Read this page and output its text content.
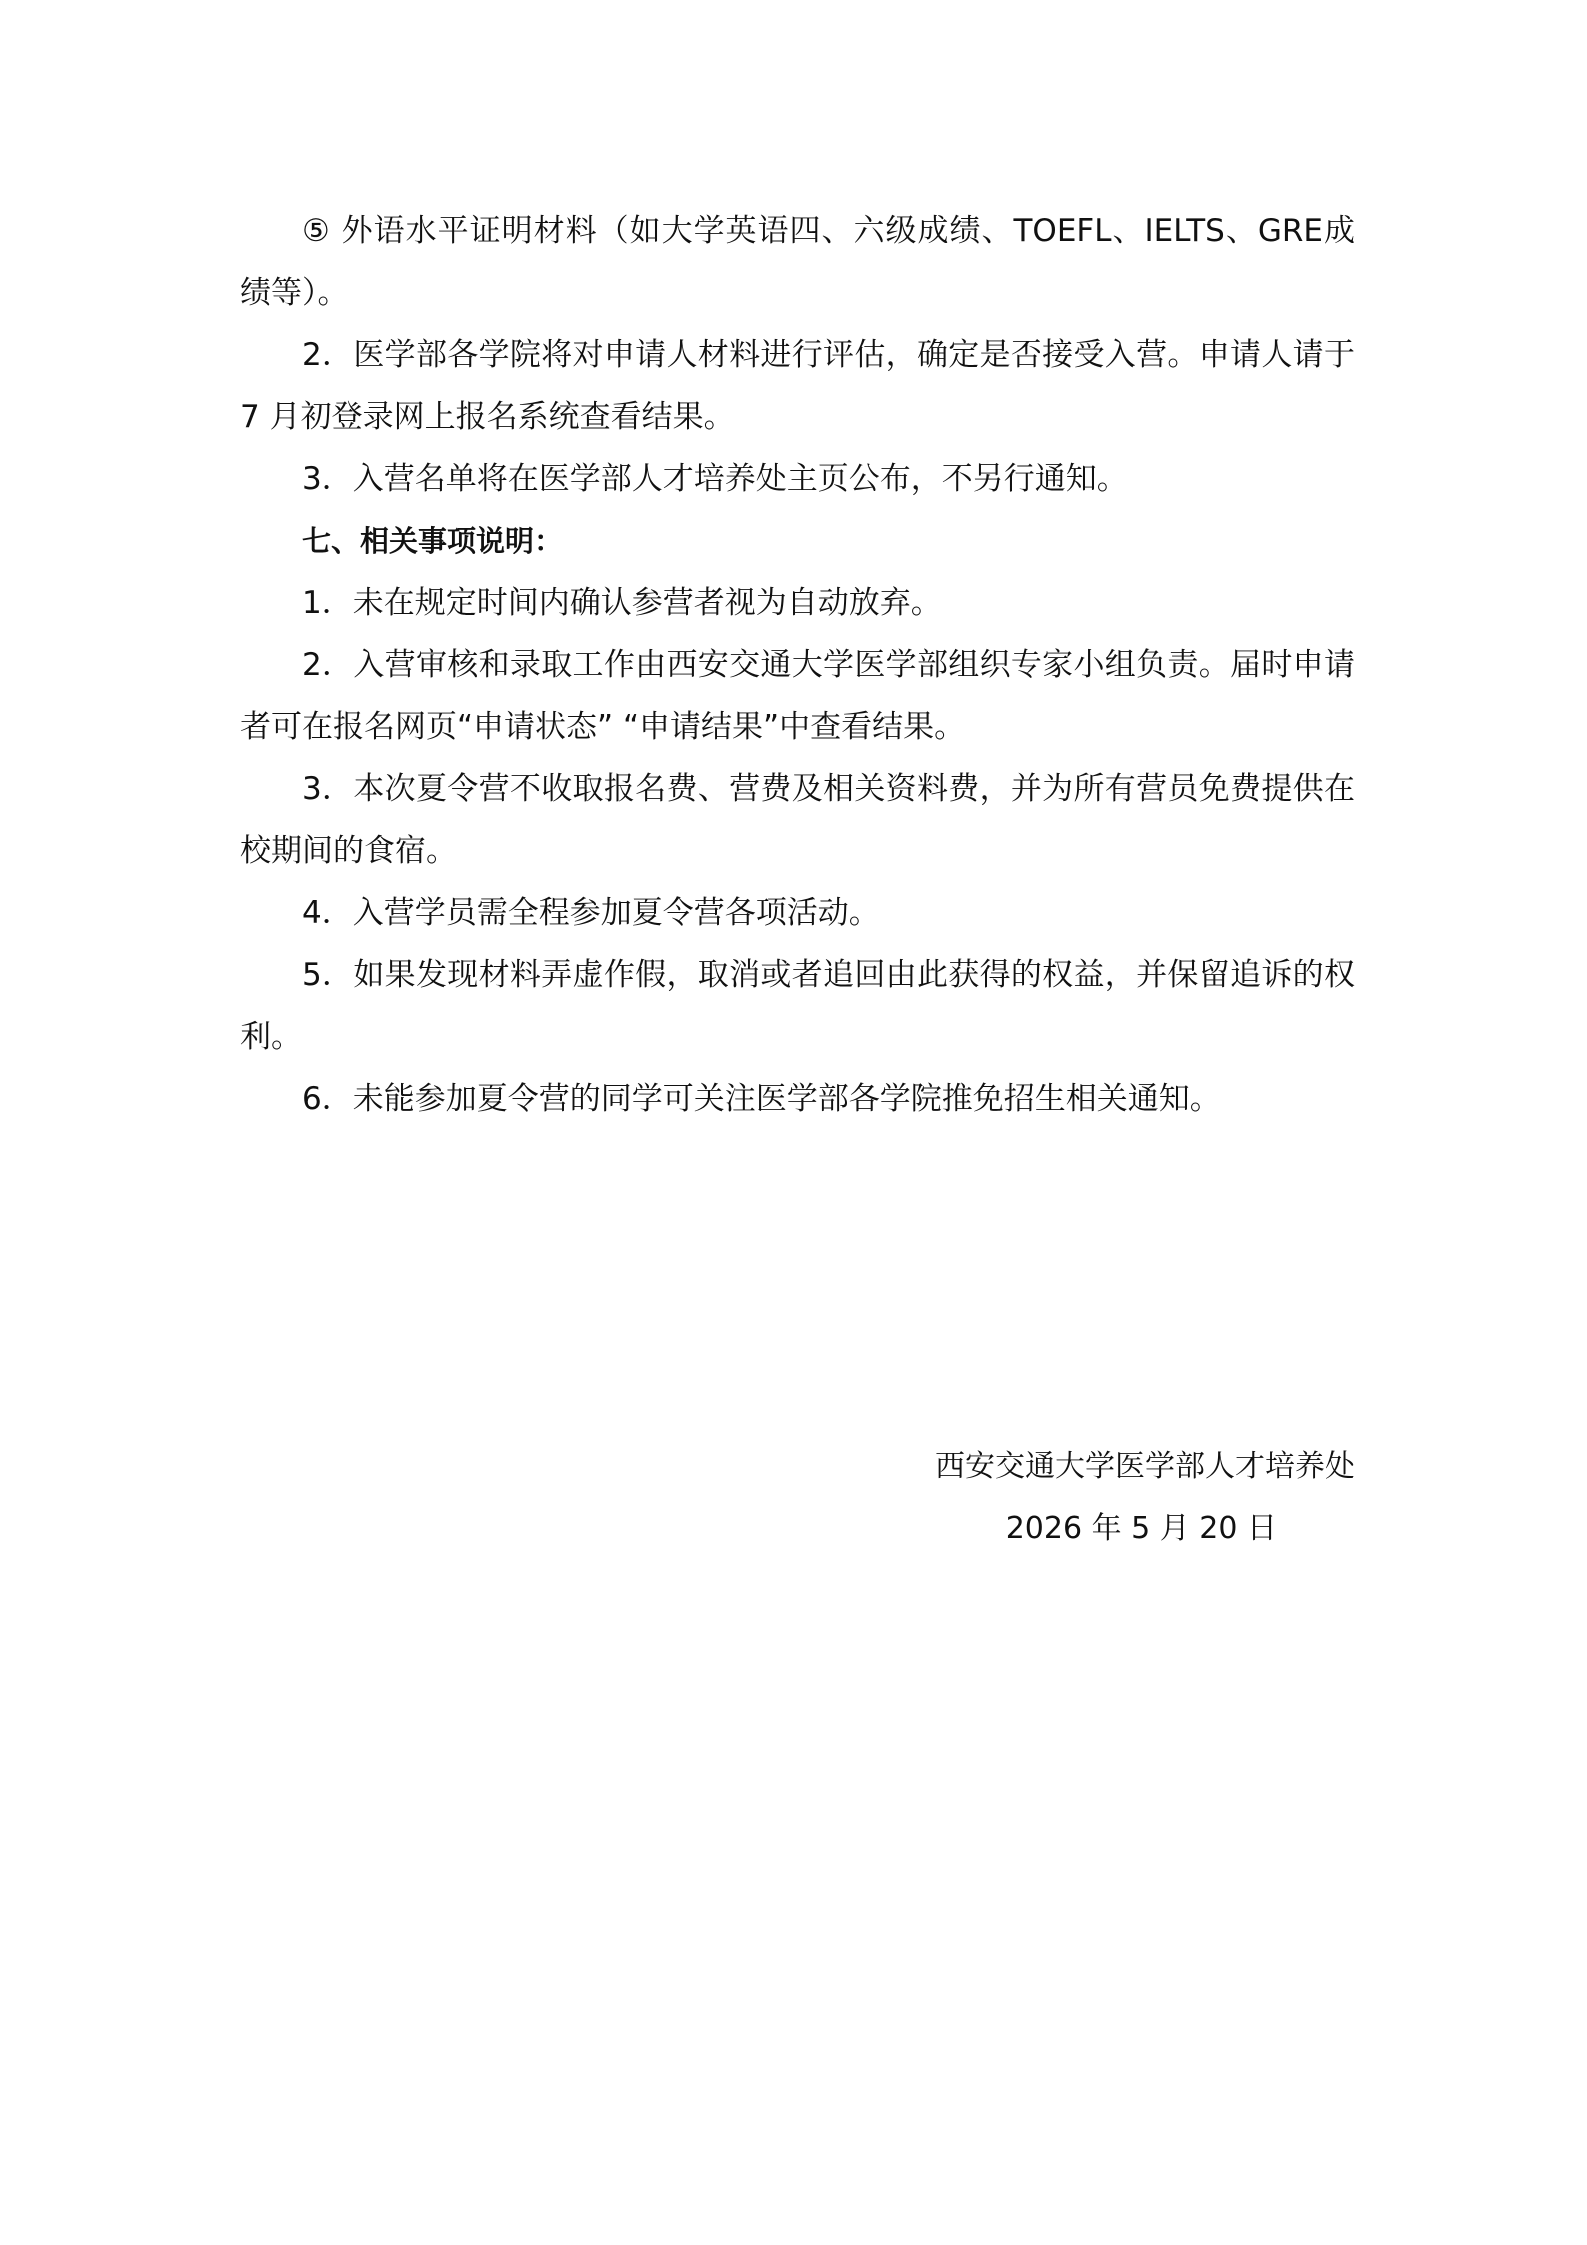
⑤ 外语水平证明材料（如大学英语四、六级成绩、TOEFL、IELTS、GRE成绩等）。

2．医学部各学院将对申请人材料进行评估，确定是否接受入营。申请人请于 7 月初登录网上报名系统查看结果。

3．入营名单将在医学部人才培养处主页公布，不另行通知。

七、相关事项说明：

1．未在规定时间内确认参营者视为自动放弃。

2．入营审核和录取工作由西安交通大学医学部组织专家小组负责。届时申请者可在报名网页“申请状态” “申请结果”中查看结果。

3．本次夏令营不收取报名费、营费及相关资料费，并为所有营员免费提供在校期间的食宿。

4．入营学员需全程参加夏令营各项活动。

5．如果发现材料弄虚作假，取消或者追回由此获得的权益，并保留追诉的权利。

6．未能参加夏令营的同学可关注医学部各学院推免招生相关通知。

西安交通大学医学部人才培养处
2026 年 5 月 20 日
